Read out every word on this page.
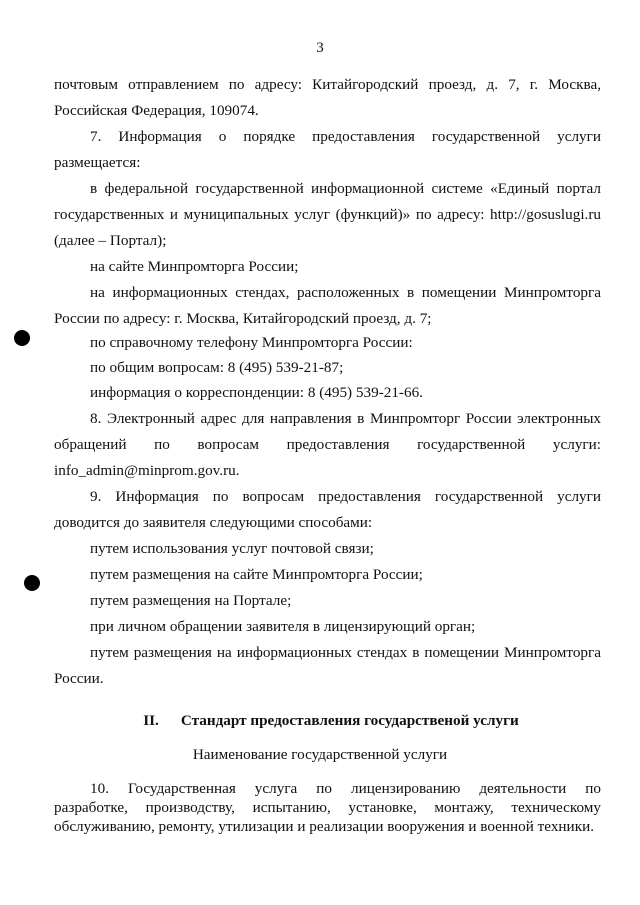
3
почтовым отправлением по адресу: Китайгородский проезд, д. 7, г. Москва,
Российская Федерация, 109074.
7. Информация о порядке предоставления государственной услуги
размещается:
в федеральной государственной информационной системе «Единый портал
государственных и муниципальных услуг (функций)» по адресу: http://gosuslugi.ru
(далее – Портал);
на сайте Минпромторга России;
на информационных стендах, расположенных в помещении Минпромторга
России по адресу: г. Москва, Китайгородский проезд, д. 7;
по справочному телефону Минпромторга России:
по общим вопросам: 8 (495) 539-21-87;
информация о корреспонденции: 8 (495) 539-21-66.
8. Электронный адрес для направления в Минпромторг России электронных
обращений по вопросам предоставления государственной услуги:
info_admin@minprom.gov.ru.
9. Информация по вопросам предоставления государственной услуги
доводится до заявителя следующими способами:
путем использования услуг почтовой связи;
путем размещения на сайте Минпромторга России;
путем размещения на Портале;
при личном обращении заявителя в лицензирующий орган;
путем размещения на информационных стендах в помещении Минпромторга
России.
II. Стандарт предоставления государственой услуги
Наименование государственной услуги
10. Государственная услуга по лицензированию деятельности по
разработке, производству, испытанию, установке, монтажу, техническому
обслуживанию, ремонту, утилизации и реализации вооружения и военной техники.
